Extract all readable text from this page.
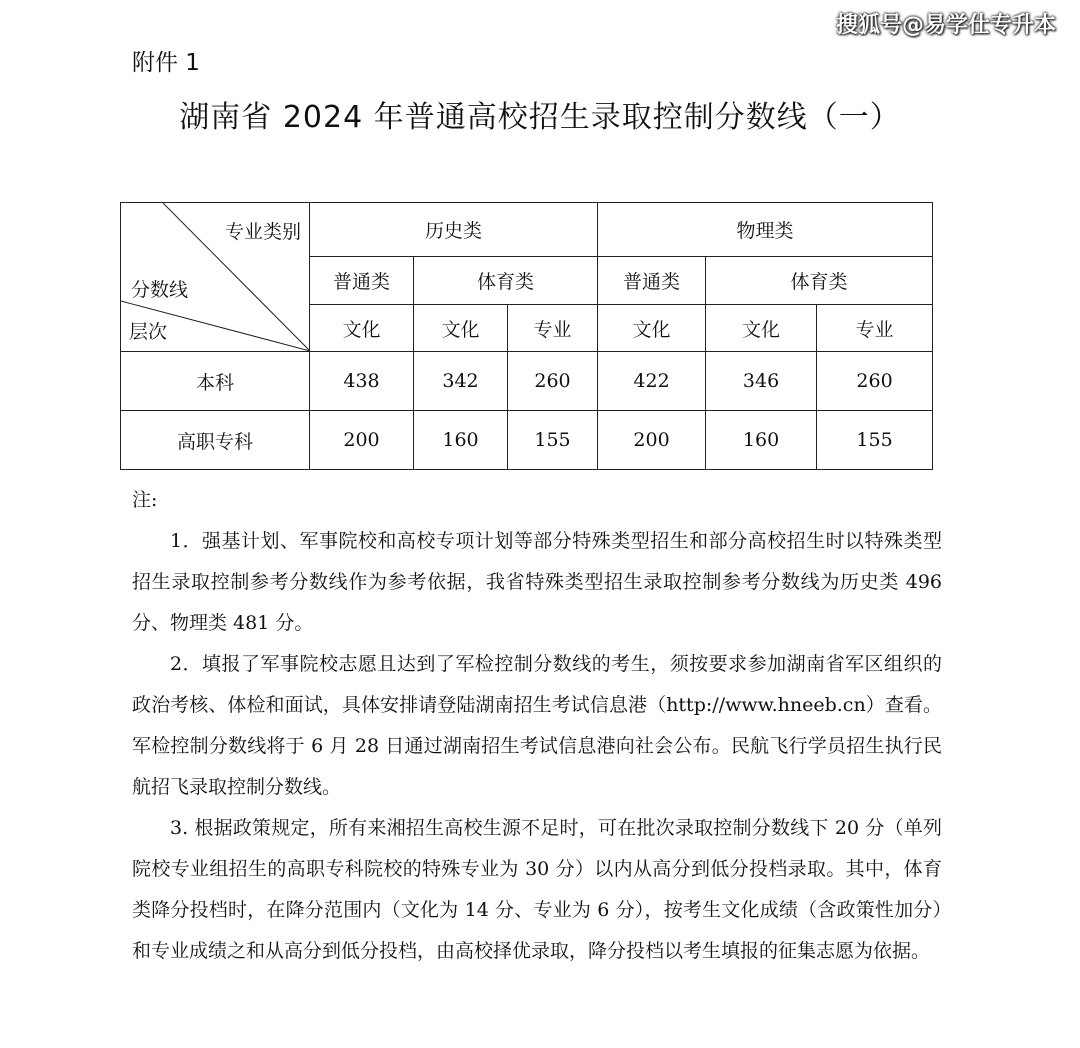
搜狐号@易学仕专升本
附件 1
湖南省 2024 年普通高校招生录取控制分数线（一）
专业类别
分数线
层次	历史类			物理类		
	普通类	体育类		普通类	体育类	
	文化	文化	专业	文化	文化	专业
本科	438	342	260	422	346	260
高职专科	200	160	155	200	160	155

注:

1．强基计划、军事院校和高校专项计划等部分特殊类型招生和部分高校招生时以特殊类型招生录取控制参考分数线作为参考依据，我省特殊类型招生录取控制参考分数线为历史类 496 分、物理类 481 分。

2．填报了军事院校志愿且达到了军检控制分数线的考生，须按要求参加湖南省军区组织的政治考核、体检和面试，具体安排请登陆湖南招生考试信息港（http://www.hneeb.cn）查看。军检控制分数线将于 6 月 28 日通过湖南招生考试信息港向社会公布。民航飞行学员招生执行民航招飞录取控制分数线。

3. 根据政策规定，所有来湘招生高校生源不足时，可在批次录取控制分数线下 20 分（单列院校专业组招生的高职专科院校的特殊专业为 30 分）以内从高分到低分投档录取。其中，体育类降分投档时，在降分范围内（文化为 14 分、专业为 6 分），按考生文化成绩（含政策性加分）和专业成绩之和从高分到低分投档，由高校择优录取，降分投档以考生填报的征集志愿为依据。
